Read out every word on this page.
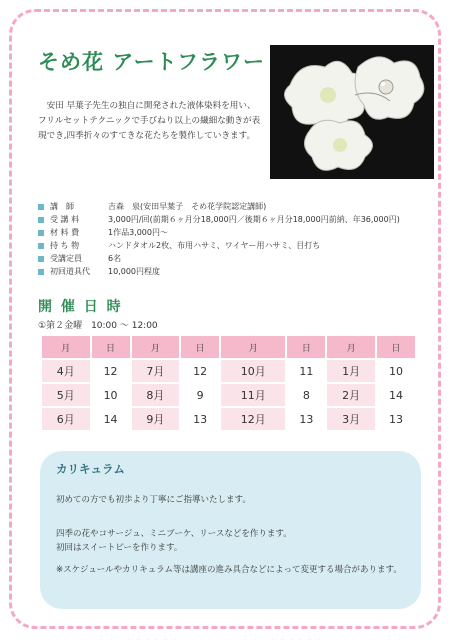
そめ花 アートフラワー
安田 早葉子先生の独自に開発された液体染料を用い、フリルセットテクニックで手びねり以上の繊細な動きが表現でき,四季折々のすてきな花たちを製作していきます。
講　師	吉森　泉(安田早葉子　そめ花学院認定講師)
受 講 料	3,000円/回(前期６ヶ月分18,000円／後期６ヶ月分18,000円前納、年36,000円)
材 料 費	1作品3,000円～
持 ち 物	ハンドタオル2枚、布用ハサミ、ワイヤー用ハサミ、目打ち
受講定員	6名
初回道具代	10,000円程度
開 催 日 時
①第２金曜　10:00 ～ 12:00
月	日	月	日	月	日	月	日
4月	12	7月	12	10月	11	1月	10
5月	10	8月	9	11月	8	2月	14
6月	14	9月	13	12月	13	3月	13
カリキュラム

初めての方でも初歩より丁寧にご指導いたします。

四季の花やコサージュ、ミニブーケ、リースなどを作ります。

初回はスイートピーを作ります。

※スケジュールやカリキュラム等は講座の進み具合などによって変更する場合があります。
